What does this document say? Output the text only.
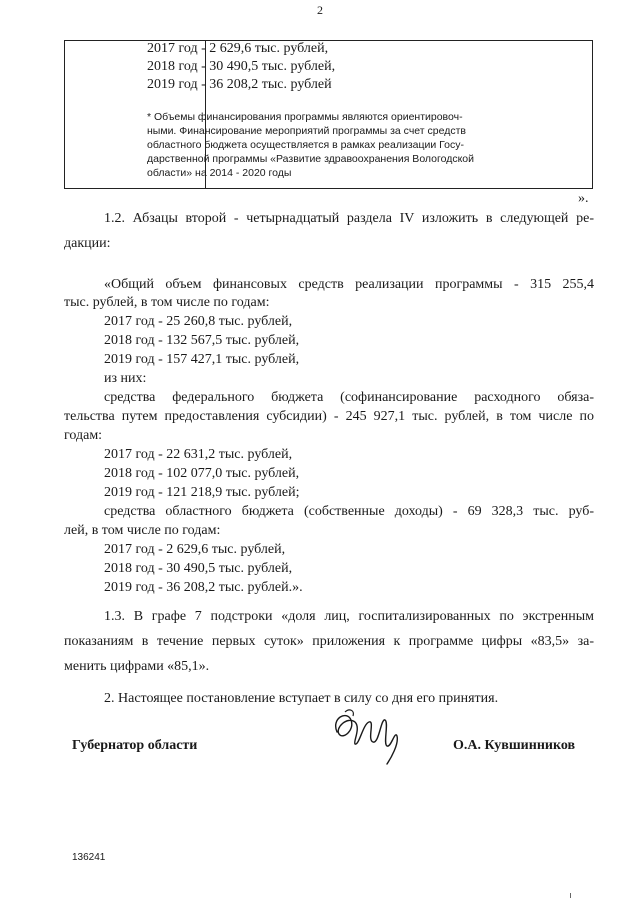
2
2017 год - 2 629,6 тыс. рублей,
2018 год - 30 490,5 тыс. рублей,
2019 год - 36 208,2 тыс. рублей
* Объемы финансирования программы являются ориентировоч-
ными. Финансирование мероприятий программы за счет средств
областного бюджета осуществляется в рамках реализации Госу-
дарственной программы «Развитие здравоохранения Вологодской
области» на 2014 - 2020 годы
».
1.2. Абзацы второй - четырнадцатый раздела IV изложить в следующей ре-
дакции:
«Общий объем финансовых средств реализации программы - 315 255,4
тыс. рублей, в том числе по годам:
2017 год - 25 260,8 тыс. рублей,
2018 год - 132 567,5 тыс. рублей,
2019 год - 157 427,1 тыс. рублей,
из них:
средства федерального бюджета (софинансирование расходного обяза-
тельства путем предоставления субсидии) - 245 927,1 тыс. рублей, в том числе по
годам:
2017 год - 22 631,2 тыс. рублей,
2018 год - 102 077,0 тыс. рублей,
2019 год - 121 218,9 тыс. рублей;
средства областного бюджета (собственные доходы) - 69 328,3 тыс. руб-
лей, в том числе по годам:
2017 год - 2 629,6 тыс. рублей,
2018 год - 30 490,5 тыс. рублей,
2019 год - 36 208,2 тыс. рублей.».
1.3. В графе 7 подстроки «доля лиц, госпитализированных по экстренным
показаниям в течение первых суток» приложения к программе цифры «83,5» за-
менить цифрами «85,1».
2. Настоящее постановление вступает в силу со дня его принятия.
Губернатор области	О.А. Кувшинников
136241
